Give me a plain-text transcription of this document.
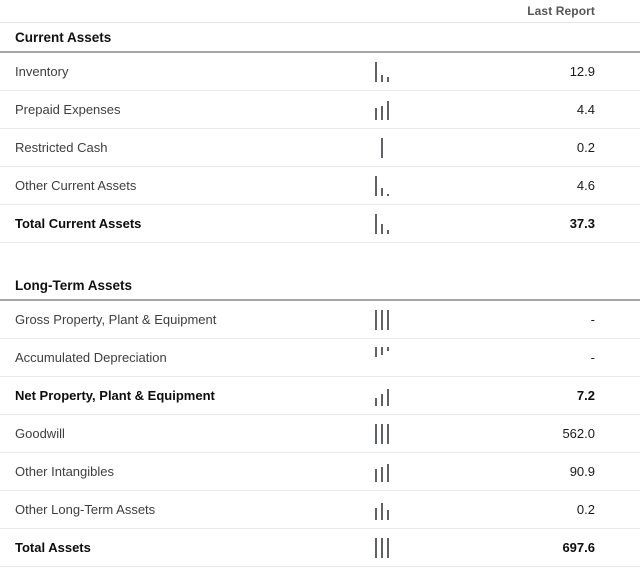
Last Report
Current Assets
Inventory	12.9
Prepaid Expenses	4.4
Restricted Cash	0.2
Other Current Assets	4.6
Total Current Assets	37.3
Long-Term Assets
Gross Property, Plant & Equipment	-
Accumulated Depreciation	-
Net Property, Plant & Equipment	7.2
Goodwill	562.0
Other Intangibles	90.9
Other Long-Term Assets	0.2
Total Assets	697.6
